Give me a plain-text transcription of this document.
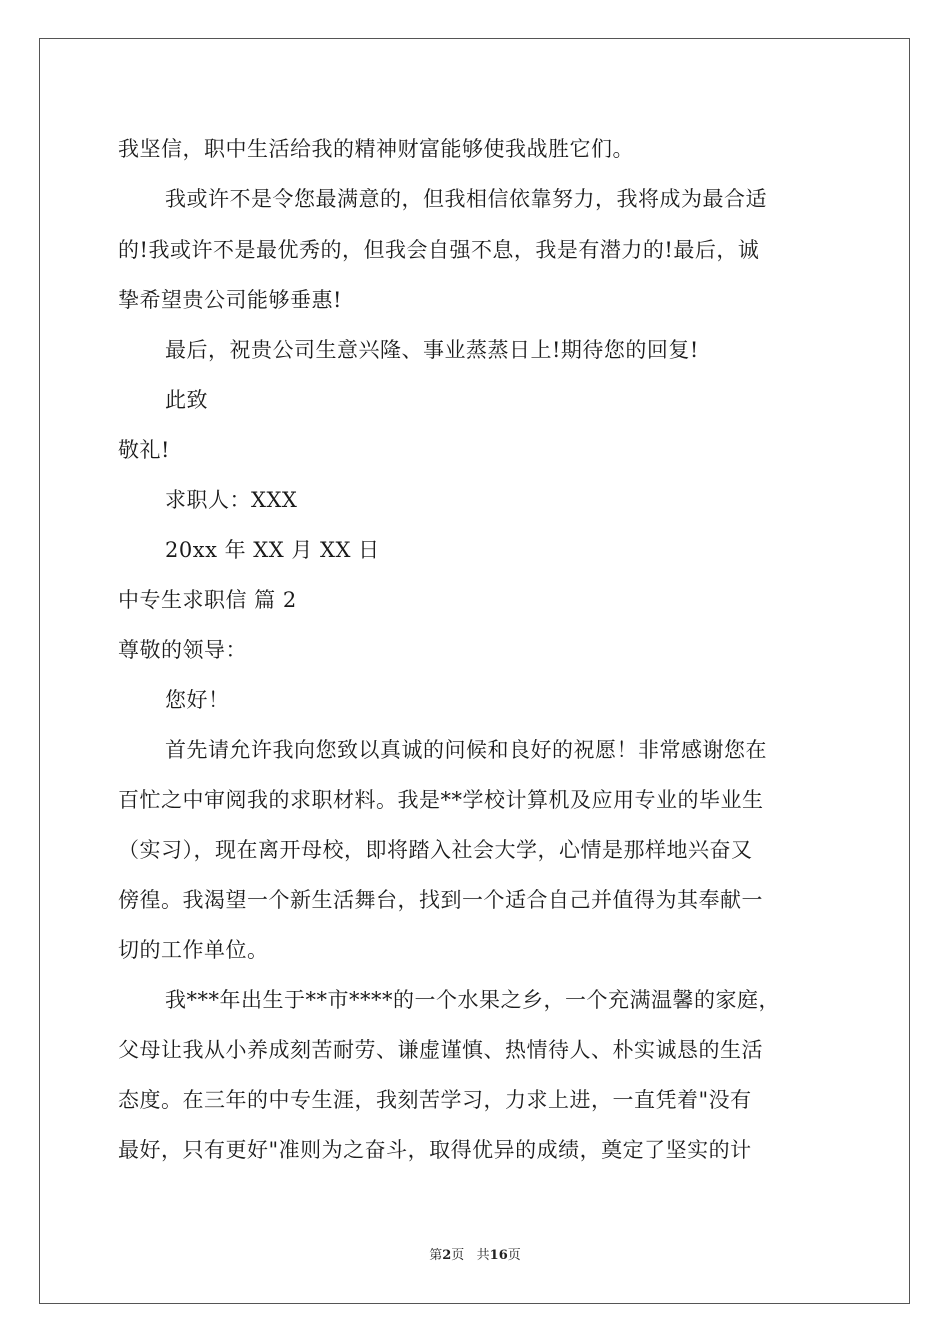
我坚信，职中生活给我的精神财富能够使我战胜它们。
我或许不是令您最满意的，但我相信依靠努力，我将成为最合适
的!我或许不是最优秀的，但我会自强不息，我是有潜力的!最后，诚
挚希望贵公司能够垂惠!
最后，祝贵公司生意兴隆、事业蒸蒸日上!期待您的回复!
此致
敬礼!
求职人：XXX
20xx 年 XX 月 XX 日
中专生求职信 篇 2
尊敬的领导：
您好！
首先请允许我向您致以真诚的问候和良好的祝愿！非常感谢您在
百忙之中审阅我的求职材料。我是**学校计算机及应用专业的毕业生
（实习），现在离开母校，即将踏入社会大学，心情是那样地兴奋又
傍徨。我渴望一个新生活舞台，找到一个适合自己并值得为其奉献一
切的工作单位。
我***年出生于**市****的一个水果之乡，一个充满温馨的家庭，
父母让我从小养成刻苦耐劳、谦虚谨慎、热情待人、朴实诚恳的生活
态度。在三年的中专生涯，我刻苦学习，力求上进，一直凭着"没有
最好，只有更好"准则为之奋斗，取得优异的成绩，奠定了坚实的计
第2页   共16页
